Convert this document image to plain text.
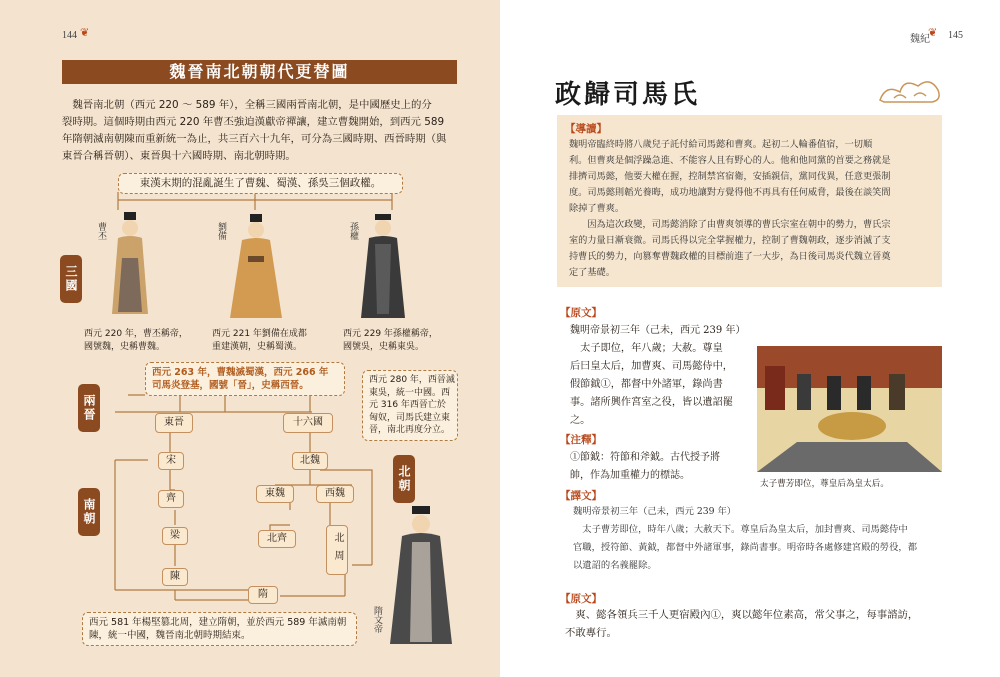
144 ❦
魏晉南北朝朝代更替圖
　魏晉南北朝（西元 220 ～ 589 年），全稱三國兩晉南北朝，是中國歷史上的分
裂時期。這個時期由西元 220 年曹丕強迫漢獻帝禪讓，建立曹魏開始，到西元 589
年隋朝滅南朝陳而重新統一為止，共三百六十九年，可分為三國時期、西晉時期（與
東晉合稱晉朝）、東晉與十六國時期、南北朝時期。
東漢末期的混亂誕生了曹魏、蜀漢、孫吳三個政權。
曹丕	劉備	孫權
三國
西元 220 年，曹丕稱帝，
國號魏，史稱曹魏。
西元 221 年劉備在成都
重建漢朝，史稱蜀漢。
西元 229 年孫權稱帝，
國號吳，史稱東吳。
西元 263 年，曹魏滅蜀漢，西元 266 年
司馬炎登基，國號「晉」，史稱西晉。	西元 280 年，西晉滅
東吳，統一中國。西
元 316 年西晉亡於
匈奴，司馬氏建立東
晉，南北再度分立。
兩晉
南朝
北朝
東晉	十六國
宋	北魏
齊	東魏	西魏
梁	北齊	北周
陳
隋
隋文帝
西元 581 年楊堅篡北周，建立隋朝，並於西元 589 年滅南朝
陳，統一中國，魏晉南北朝時期結束。
魏紀
❦	145
政歸司馬氏
【導讀】
魏明帝臨終時將八歲兒子託付給司馬懿和曹爽。起初二人輪番值宿，一切順
利。但曹爽是個浮躁急進、不能容人且有野心的人。他和他同黨的首要之務就是
排擠司馬懿，他要大權在握，控制禁宮宿衛，安插親信，黨同伐異，任意更張制
度。司馬懿則韜光養晦，成功地讓對方覺得他不再具有任何威脅，最後在談笑間
除掉了曹爽。
　　因為這次政變，司馬懿消除了由曹爽領導的曹氏宗室在朝中的勢力，曹氏宗
室的力量日漸衰微。司馬氏得以完全掌握權力，控制了曹魏朝政，逐步消滅了支
持曹氏的勢力，向篡奪曹魏政權的目標前進了一大步，為日後司馬炎代魏立晉奠
定了基礎。
【原文】
魏明帝景初三年（己未，西元 239 年）
　太子即位，年八歲；大赦。尊皇
后曰皇太后，加曹爽、司馬懿侍中，
假節鉞①，都督中外諸軍，錄尚書
事。諸所興作宮室之役，皆以遺詔罷
之。
太子曹芳即位，尊皇后為皇太后。
【注釋】
①節鉞：符節和斧鉞。古代授予將
帥，作為加重權力的標誌。
【譯文】
魏明帝景初三年（己未，西元 239 年）
　太子曹芳即位，時年八歲；大赦天下。尊皇后為皇太后，加封曹爽、司馬懿侍中
官職，授符節、黃鉞，都督中外諸軍事，錄尚書事。明帝時各處修建宮殿的勞役，都
以遺詔的名義罷除。
【原文】
　爽、懿各領兵三千人更宿殿內①，爽以懿年位素高，常父事之，每事諮訪，
不敢專行。
